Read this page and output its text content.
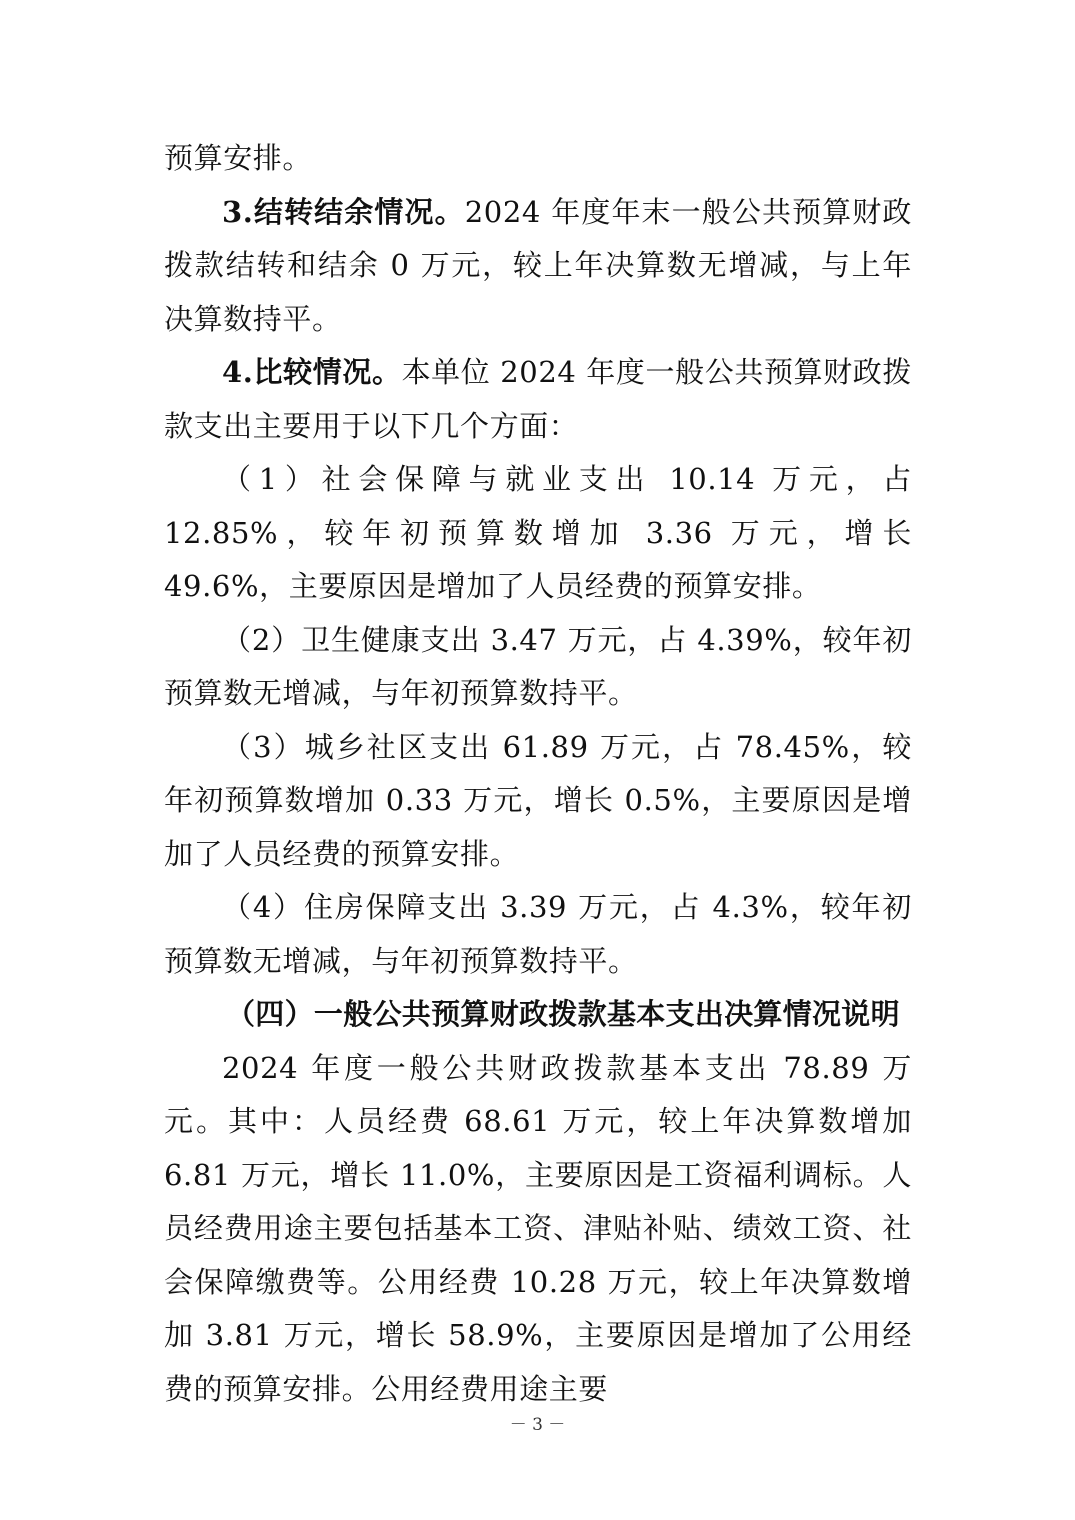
预算安排。

3.结转结余情况。2024 年度年末一般公共预算财政拨款结转和结余 0 万元，较上年决算数无增减，与上年决算数持平。

4.比较情况。本单位 2024 年度一般公共预算财政拨款支出主要用于以下几个方面：

（1）社会保障与就业支出 10.14 万元，占 12.85%，较年初预算数增加 3.36 万元，增长 49.6%，主要原因是增加了人员经费的预算安排。

（2）卫生健康支出 3.47 万元，占 4.39%，较年初预算数无增减，与年初预算数持平。

（3）城乡社区支出 61.89 万元，占 78.45%，较年初预算数增加 0.33 万元，增长 0.5%，主要原因是增加了人员经费的预算安排。

（4）住房保障支出 3.39 万元，占 4.3%，较年初预算数无增减，与年初预算数持平。

（四）一般公共预算财政拨款基本支出决算情况说明

2024 年度一般公共财政拨款基本支出 78.89 万元。其中：人员经费 68.61 万元，较上年决算数增加 6.81 万元，增长 11.0%，主要原因是工资福利调标。人员经费用途主要包括基本工资、津贴补贴、绩效工资、社会保障缴费等。公用经费 10.28 万元，较上年决算数增加 3.81 万元，增长 58.9%，主要原因是增加了公用经费的预算安排。公用经费用途主要

－ 3 －
